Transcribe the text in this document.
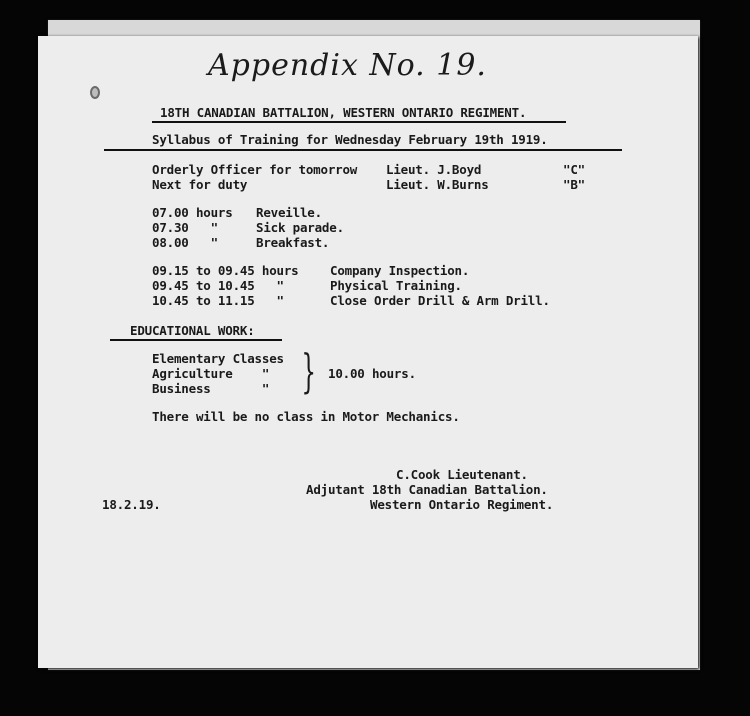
Appendix No. 19.
18TH CANADIAN BATTALION, WESTERN ONTARIO REGIMENT.
Syllabus of Training for Wednesday February 19th 1919.
Orderly Officer for tomorrow Lieut. J.Boyd	"C"
Next for duty	Lieut. W.Burns	"B"
07.00 hours Reveille.
07.30   "	Sick parade.
08.00   "	Breakfast.
09.15 to 09.45 hours	Company Inspection.
09.45 to 10.45   "	Physical Training.
10.45 to 11.15   "	Close Order Drill & Arm Drill.
EDUCATIONAL WORK:
Elementary Classes
Agriculture    "
Business       " } 10.00 hours.
There will be no class in Motor Mechanics.
C.Cook Lieutenant.
Adjutant 18th Canadian Battalion.
Western Ontario Regiment.
18.2.19.
